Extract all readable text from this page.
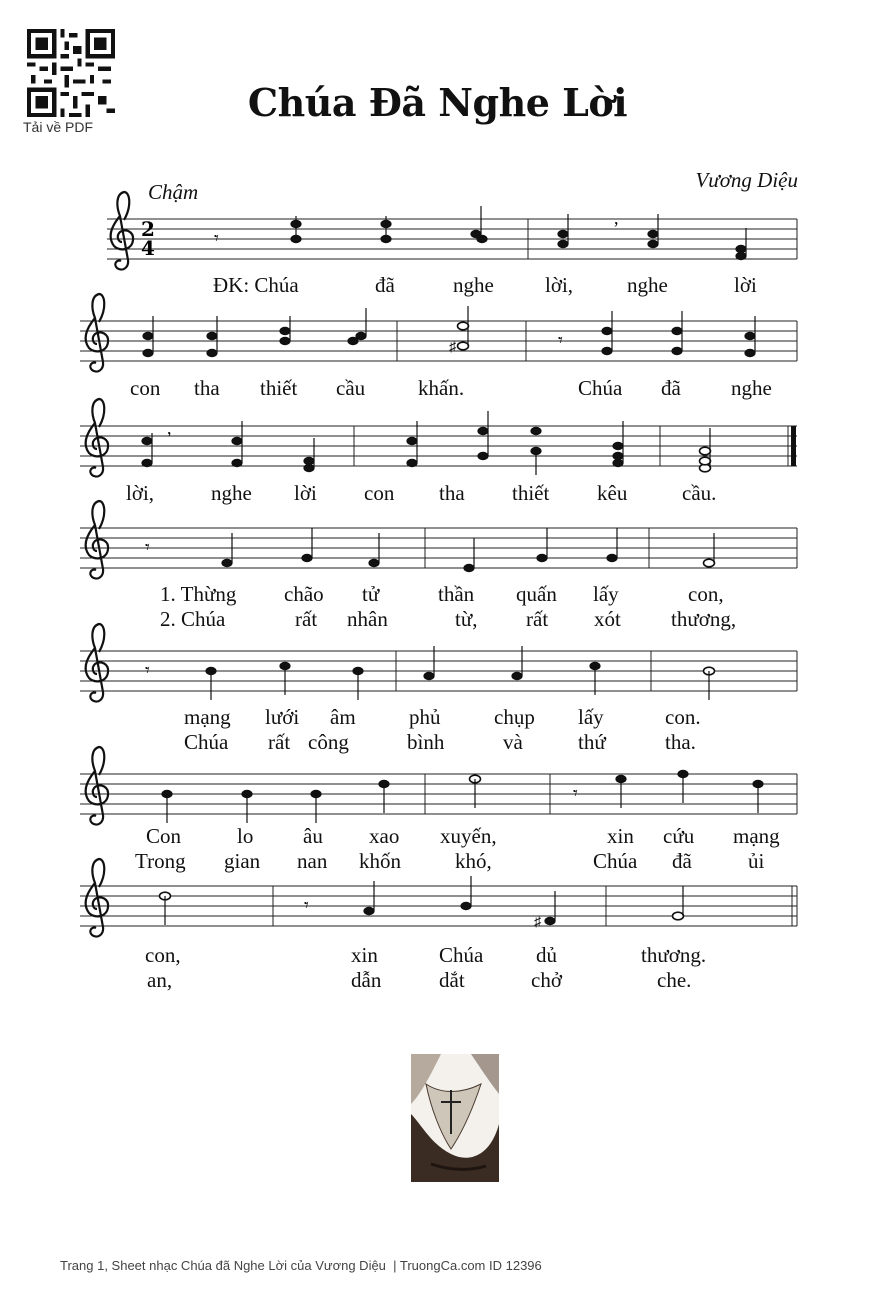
Tải về PDF
Chúa Đã Nghe Lời
Chậm	Vương Diệu
2
4	𝄾
,
ĐK: Chúa	đã	nghe lời,	nghe	lời
♯	𝄾
con tha thiết cầu	khấn.	Chúa đã nghe
,
lời,	nghe lời con tha thiết kêu	cầu.
𝄾
1. Thừng chão tử	thần quấn lấy	con,
2. Chúa	rất nhân	từ, rất xót thương,
𝄾
mạng lưới âm	phủ	chụp lấy	con.
Chúa rất công	bình	và	thứ	tha.
𝄾
Con	lo âu xao xuyến,	xin cứu mạng
Trong gian nan khốn	khó,	Chúa đã	ủi
𝄾
♯
con,	xin	Chúa	dủ	thương.
an,	dẫn	dắt	chở	che.
Trang 1, Sheet nhạc Chúa đã Nghe Lời của Vương Diệu  | TruongCa.com ID 12396
